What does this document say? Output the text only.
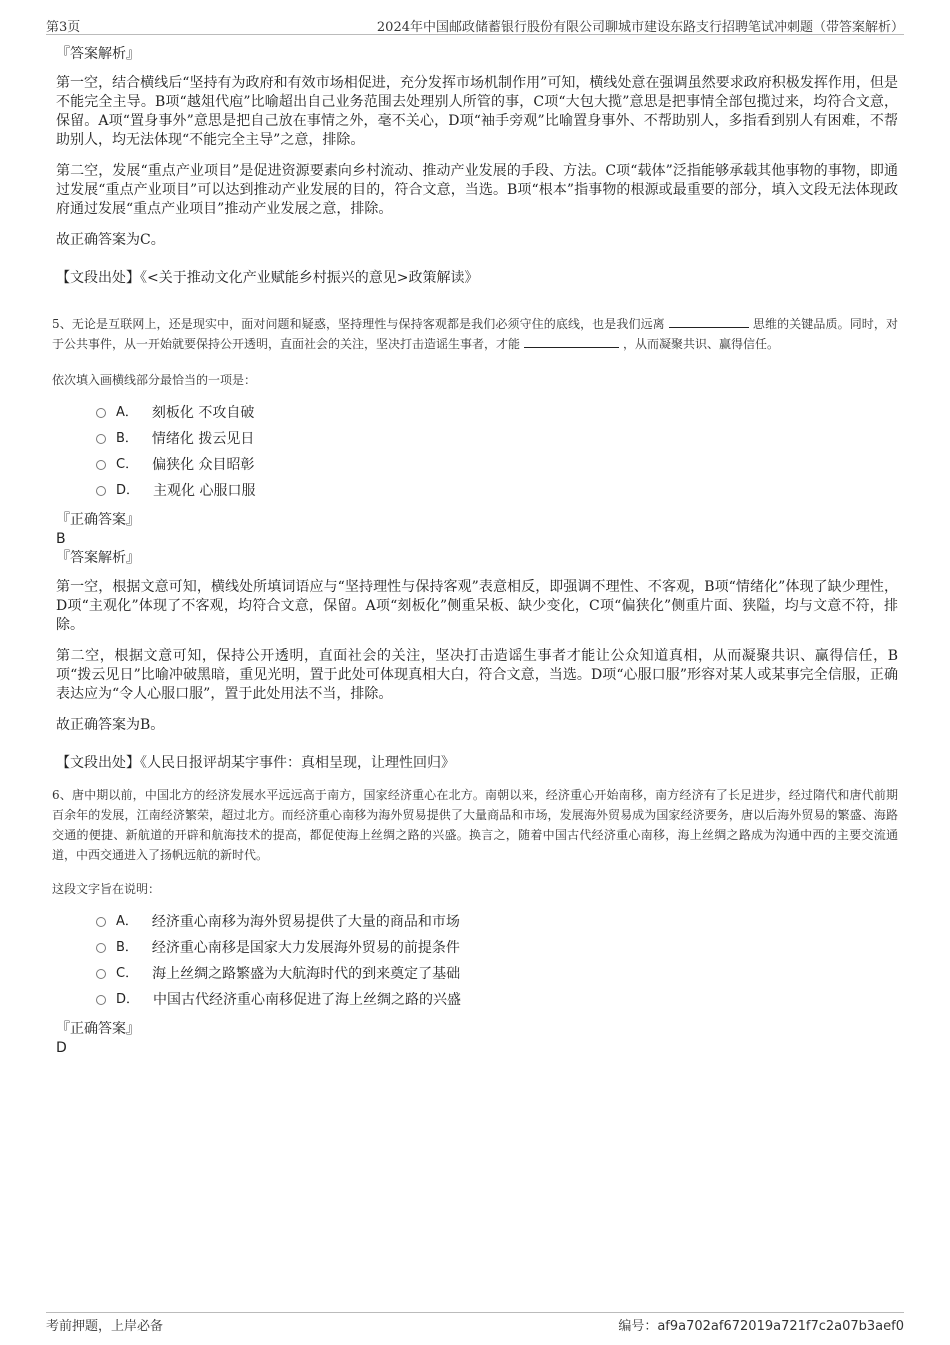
第3页	2024年中国邮政储蓄银行股份有限公司聊城市建设东路支行招聘笔试冲刺题（带答案解析）

『答案解析』

第一空，结合横线后“坚持有为政府和有效市场相促进，充分发挥市场机制作用”可知，横线处意在强调虽然要求政府积极发挥作用，但是不能完全主导。B项“越俎代庖”比喻超出自己业务范围去处理别人所管的事，C项“大包大揽”意思是把事情全部包揽过来，均符合文意，保留。A项“置身事外”意思是把自己放在事情之外，毫不关心，D项“袖手旁观”比喻置身事外、不帮助别人，多指看到别人有困难，不帮助别人，均无法体现“不能完全主导”之意，排除。

第二空，发展“重点产业项目”是促进资源要素向乡村流动、推动产业发展的手段、方法。C项“载体”泛指能够承载其他事物的事物，即通过发展“重点产业项目”可以达到推动产业发展的目的，符合文意，当选。B项“根本”指事物的根源或最重要的部分，填入文段无法体现政府通过发展“重点产业项目”推动产业发展之意，排除。

故正确答案为C。

【文段出处】《<关于推动文化产业赋能乡村振兴的意见>政策解读》

5、无论是互联网上，还是现实中，面对问题和疑惑，坚持理性与保持客观都是我们必须守住的底线，也是我们远离	思维的关键品质。同时，对于公共事件，从一开始就要保持公开透明，直面社会的关注，坚决打击造谣生事者，才能	，从而凝聚共识、赢得信任。

依次填入画横线部分最恰当的一项是：

A． 刻板化 不攻自破
B． 情绪化 拨云见日
C． 偏狭化 众目昭彰
D． 主观化 心服口服

『正确答案』

B

『答案解析』

第一空，根据文意可知，横线处所填词语应与“坚持理性与保持客观”表意相反，即强调不理性、不客观，B项“情绪化”体现了缺少理性，D项“主观化”体现了不客观，均符合文意，保留。A项“刻板化”侧重呆板、缺少变化，C项“偏狭化”侧重片面、狭隘，均与文意不符，排除。

第二空，根据文意可知，保持公开透明，直面社会的关注，坚决打击造谣生事者才能让公众知道真相，从而凝聚共识、赢得信任，B项“拨云见日”比喻冲破黑暗，重见光明，置于此处可体现真相大白，符合文意，当选。D项“心服口服”形容对某人或某事完全信服，正确表达应为“令人心服口服”，置于此处用法不当，排除。

故正确答案为B。

【文段出处】《人民日报评胡某宇事件：真相呈现，让理性回归》

6、唐中期以前，中国北方的经济发展水平远远高于南方，国家经济重心在北方。南朝以来，经济重心开始南移，南方经济有了长足进步，经过隋代和唐代前期百余年的发展，江南经济繁荣，超过北方。而经济重心南移为海外贸易提供了大量商品和市场，发展海外贸易成为国家经济要务，唐以后海外贸易的繁盛、海路交通的便捷、新航道的开辟和航海技术的提高，都促使海上丝绸之路的兴盛。换言之，随着中国古代经济重心南移，海上丝绸之路成为沟通中西的主要交流通道，中西交通进入了扬帆远航的新时代。

这段文字旨在说明：

A． 经济重心南移为海外贸易提供了大量的商品和市场
B． 经济重心南移是国家大力发展海外贸易的前提条件
C． 海上丝绸之路繁盛为大航海时代的到来奠定了基础
D． 中国古代经济重心南移促进了海上丝绸之路的兴盛

『正确答案』

D

考前押题，上岸必备	编号：af9a702af672019a721f7c2a07b3aef0
